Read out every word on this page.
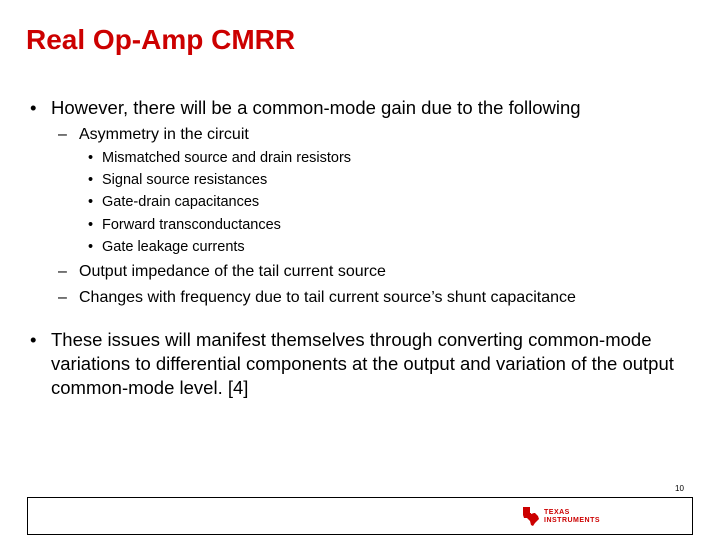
Real Op-Amp CMRR
• However, there will be a common-mode gain due to the following
– Asymmetry in the circuit
• Mismatched source and drain resistors
• Signal source resistances
• Gate-drain capacitances
• Forward transconductances
• Gate leakage currents
– Output impedance of the tail current source
– Changes with frequency due to tail current source’s shunt capacitance
• These issues will manifest themselves through converting common-mode variations to differential components at the output and variation of the output common-mode level. [4]
10
TEXAS
INSTRUMENTS
